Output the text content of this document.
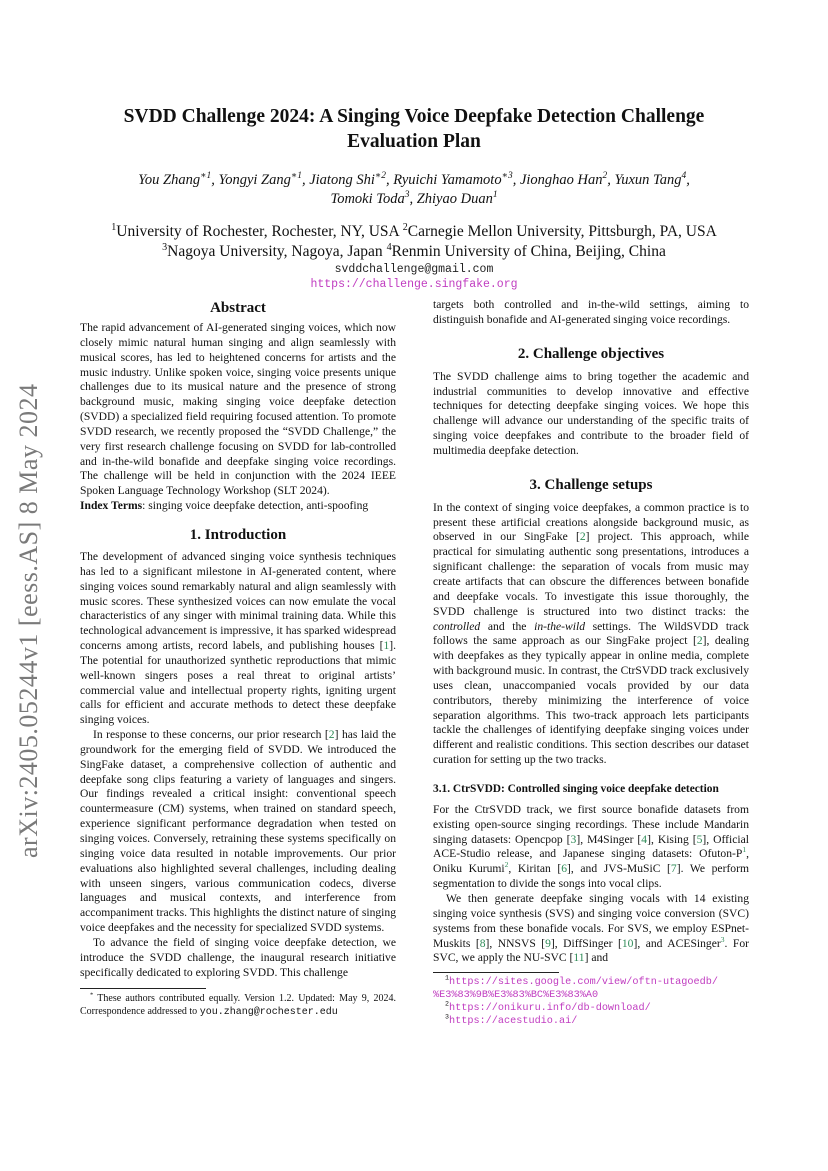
arXiv:2405.05244v1 [eess.AS] 8 May 2024
SVDD Challenge 2024: A Singing Voice Deepfake Detection Challenge Evaluation Plan
You Zhang$^{∗1}$, Yongyi Zang$^{∗1}$, Jiatong Shi$^{∗2}$, Ryuichi Yamamoto$^{∗3}$, Jionghao Han$^2$, Yuxun Tang$^4$,
Tomoki Toda$^3$, Zhiyao Duan$^1$
$^1$University of Rochester, Rochester, NY, USA $^2$Carnegie Mellon University, Pittsburgh, PA, USA
$^3$Nagoya University, Nagoya, Japan $^4$Renmin University of China, Beijing, China
svddchallenge@gmail.com
https://challenge.singfake.org
Abstract

The rapid advancement of AI-generated singing voices, which now closely mimic natural human singing and align seamlessly with musical scores, has led to heightened concerns for artists and the music industry. Unlike spoken voice, singing voice presents unique challenges due to its musical nature and the presence of strong background music, making singing voice deepfake detection (SVDD) a specialized field requiring focused attention. To promote SVDD research, we recently proposed the “SVDD Challenge,” the very first research challenge focusing on SVDD for lab-controlled and in-the-wild bonafide and deepfake singing voice recordings. The challenge will be held in conjunction with the 2024 IEEE Spoken Language Technology Workshop (SLT 2024).

Index Terms: singing voice deepfake detection, anti-spoofing

1. Introduction

The development of advanced singing voice synthesis techniques has led to a significant milestone in AI-generated content, where singing voices sound remarkably natural and align seamlessly with music scores. These synthesized voices can now emulate the vocal characteristics of any singer with minimal training data. While this technological advancement is impressive, it has sparked widespread concerns among artists, record labels, and publishing houses [1]. The potential for unauthorized synthetic reproductions that mimic well-known singers poses a real threat to original artists’ commercial value and intellectual property rights, igniting urgent calls for efficient and accurate methods to detect these deepfake singing voices.

In response to these concerns, our prior research [2] has laid the groundwork for the emerging field of SVDD. We introduced the SingFake dataset, a comprehensive collection of authentic and deepfake song clips featuring a variety of languages and singers. Our findings revealed a critical insight: conventional speech countermeasure (CM) systems, when trained on standard speech, experience significant performance degradation when tested on singing voices. Conversely, retraining these systems specifically on singing voice data resulted in notable improvements. Our prior evaluations also highlighted several challenges, including dealing with unseen singers, various communication codecs, diverse languages and musical contexts, and interference from accompaniment tracks. This highlights the distinct nature of singing voice deepfakes and the necessity for specialized SVDD systems.

To advance the field of singing voice deepfake detection, we introduce the SVDD challenge, the inaugural research initiative specifically dedicated to exploring SVDD. This challenge

* These authors contributed equally. Version 1.2. Updated: May 9, 2024. Correspondence addressed to you.zhang@rochester.edu

targets both controlled and in-the-wild settings, aiming to distinguish bonafide and AI-generated singing voice recordings.

2. Challenge objectives

The SVDD challenge aims to bring together the academic and industrial communities to develop innovative and effective techniques for detecting deepfake singing voices. We hope this challenge will advance our understanding of the specific traits of singing voice deepfakes and contribute to the broader field of multimedia deepfake detection.

3. Challenge setups

In the context of singing voice deepfakes, a common practice is to present these artificial creations alongside background music, as observed in our SingFake [2] project. This approach, while practical for simulating authentic song presentations, introduces a significant challenge: the separation of vocals from music may create artifacts that can obscure the differences between bonafide and deepfake vocals. To investigate this issue thoroughly, the SVDD challenge is structured into two distinct tracks: the controlled and the in-the-wild settings. The WildSVDD track follows the same approach as our SingFake project [2], dealing with deepfakes as they typically appear in online media, complete with background music. In contrast, the CtrSVDD track exclusively uses clean, unaccompanied vocals provided by our data contributors, thereby minimizing the interference of voice separation algorithms. This two-track approach lets participants tackle the challenges of identifying deepfake singing voices under different and realistic conditions. This section describes our dataset curation for setting up the two tracks.

3.1. CtrSVDD: Controlled singing voice deepfake detection

For the CtrSVDD track, we first source bonafide datasets from existing open-source singing recordings. These include Mandarin singing datasets: Opencpop [3], M4Singer [4], Kising [5], Official ACE-Studio release, and Japanese singing datasets: Ofuton-P$^1$, Oniku Kurumi$^2$, Kiritan [6], and JVS-MuSiC [7]. We perform segmentation to divide the songs into vocal clips.

We then generate deepfake singing vocals with 14 existing singing voice synthesis (SVS) and singing voice conversion (SVC) systems from these bonafide vocals. For SVS, we employ ESPnet-Muskits [8], NNSVS [9], DiffSinger [10], and ACESinger$^3$. For SVC, we apply the NU-SVC [11] and

$^1$https://sites.google.com/view/oftn-utagoedb/
%E3%83%9B%E3%83%BC%E3%83%A0
$^2$https://onikuru.info/db-download/
$^3$https://acestudio.ai/
